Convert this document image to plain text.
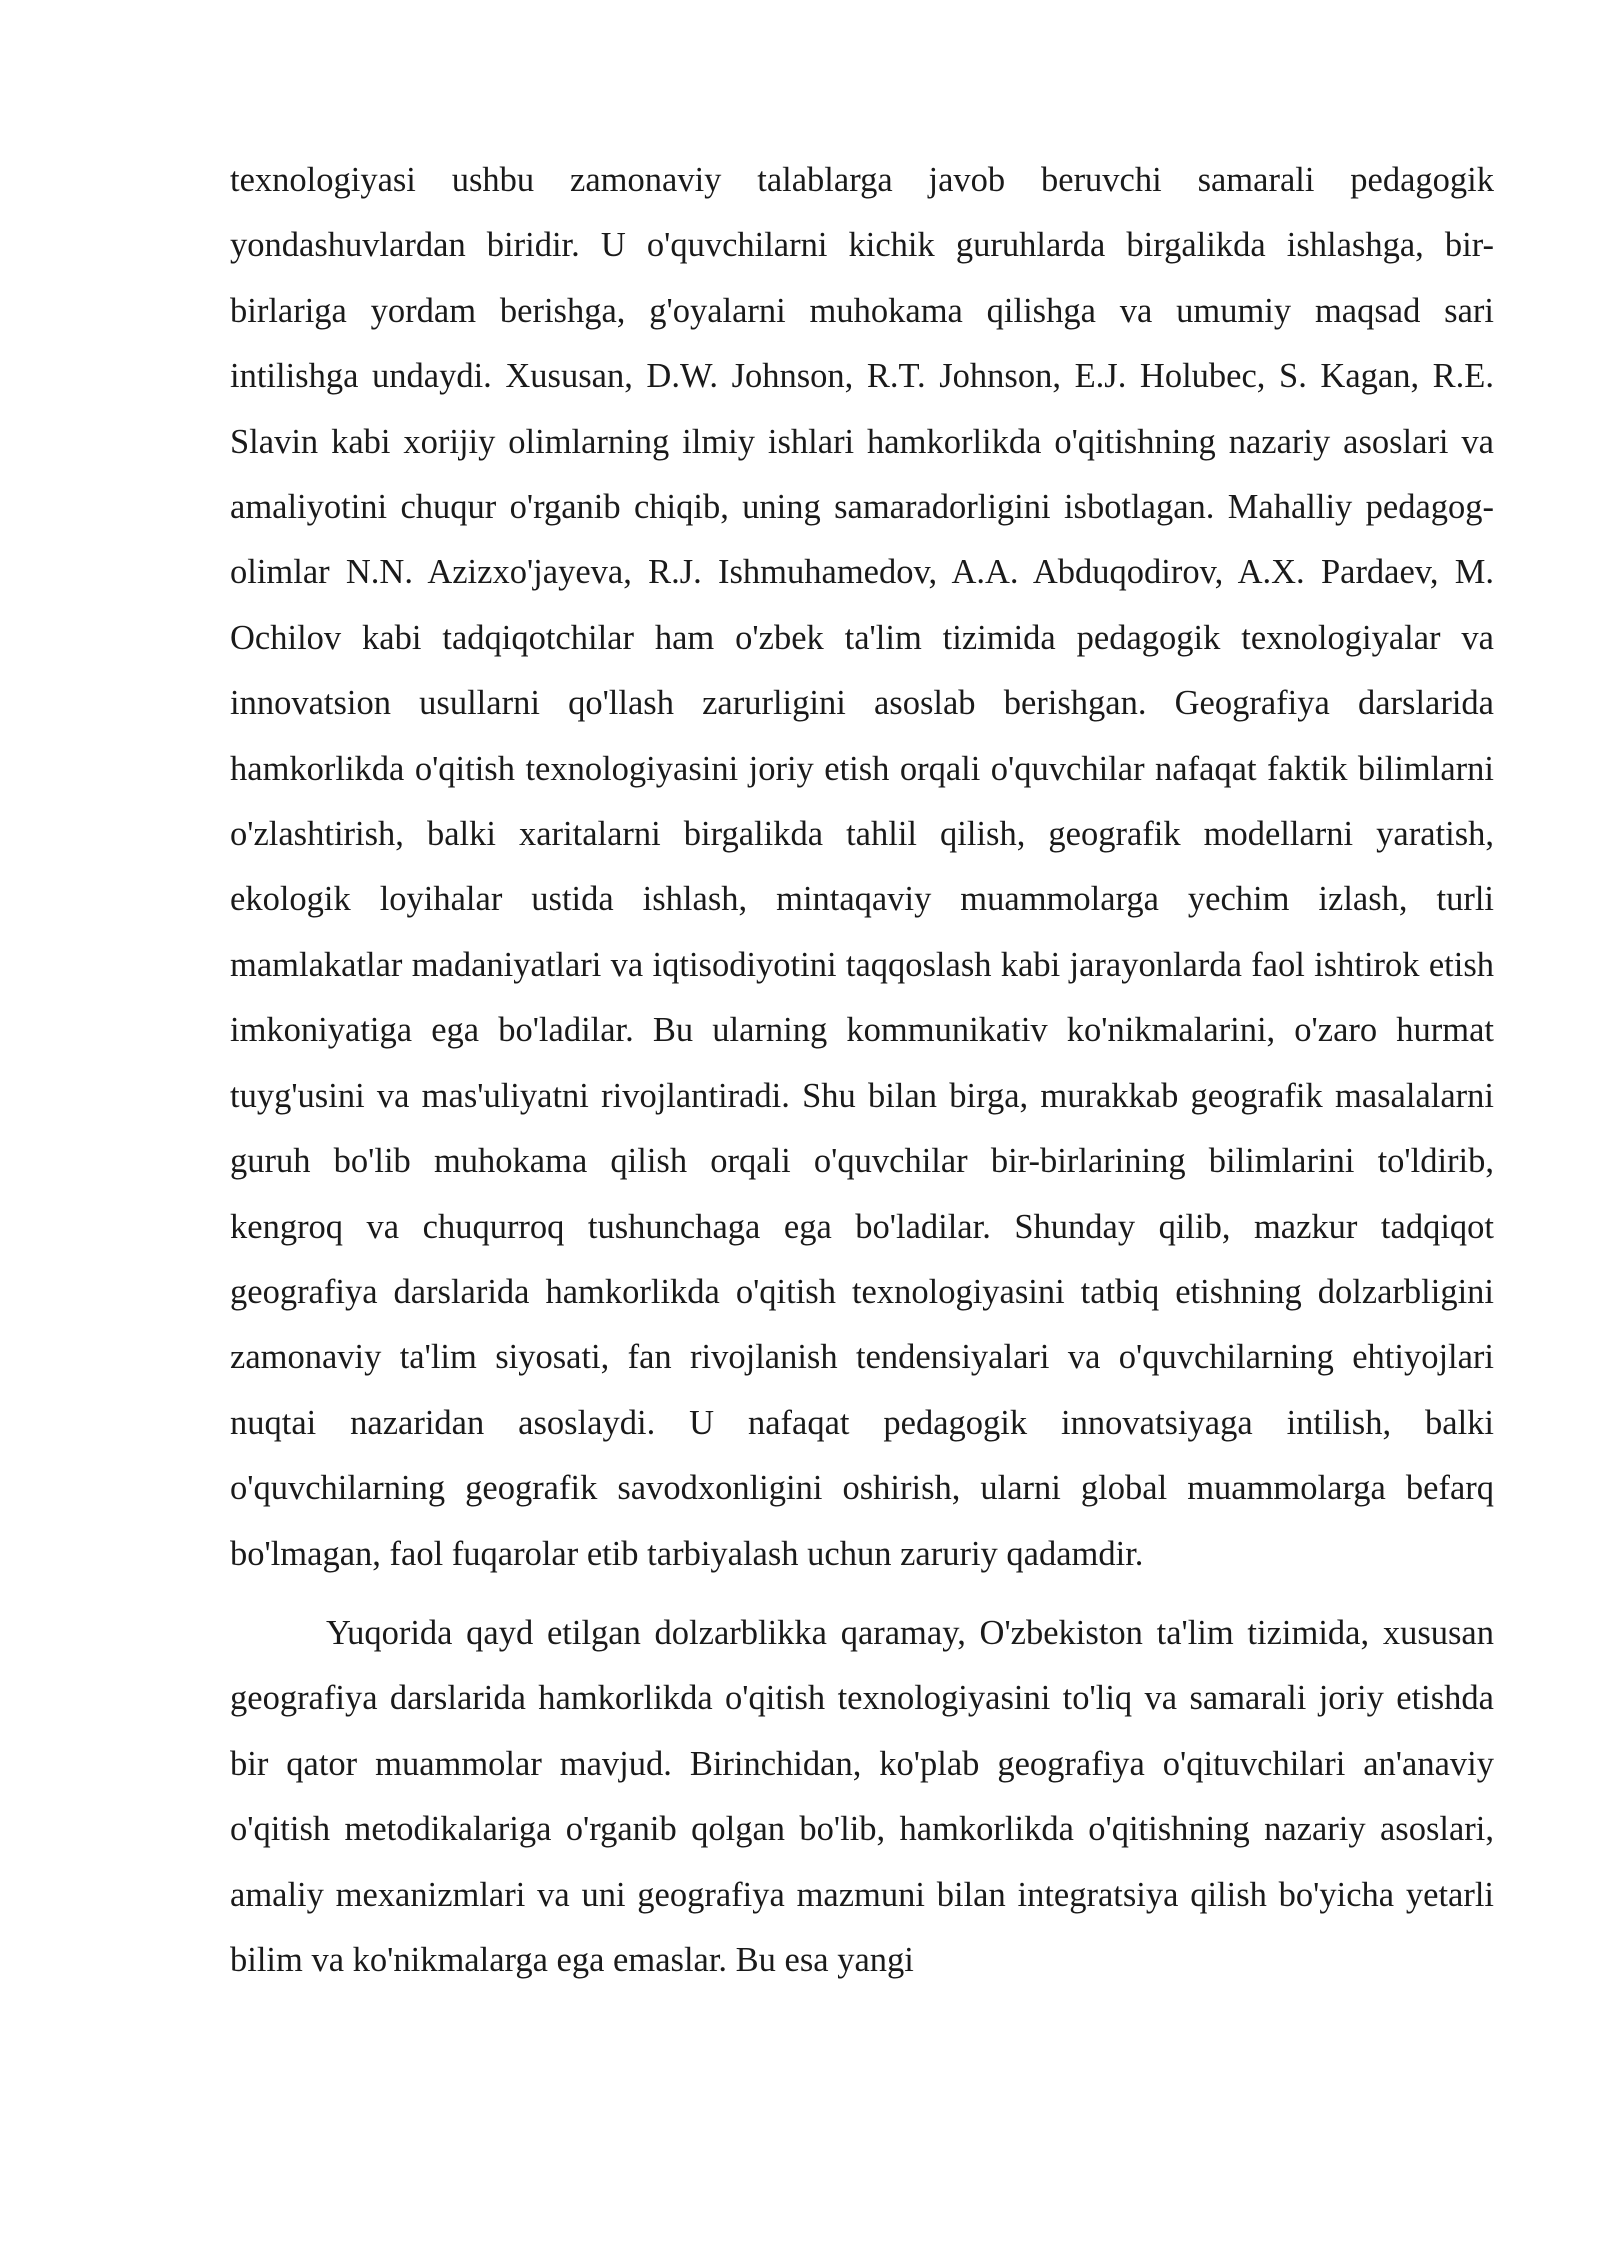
texnologiyasi ushbu zamonaviy talablarga javob beruvchi samarali pedagogik yondashuvlardan biridir. U o'quvchilarni kichik guruhlarda birgalikda ishlashga, bir-birlariga yordam berishga, g'oyalarni muhokama qilishga va umumiy maqsad sari intilishga undaydi. Xususan, D.W. Johnson, R.T. Johnson, E.J. Holubec, S. Kagan, R.E. Slavin kabi xorijiy olimlarning ilmiy ishlari hamkorlikda o'qitishning nazariy asoslari va amaliyotini chuqur o'rganib chiqib, uning samaradorligini isbotlagan. Mahalliy pedagog-olimlar N.N. Azizxo'jayeva, R.J. Ishmuhamedov, A.A. Abduqodirov, A.X. Pardaev, M. Ochilov kabi tadqiqotchilar ham o'zbek ta'lim tizimida pedagogik texnologiyalar va innovatsion usullarni qo'llash zarurligini asoslab berishgan. Geografiya darslarida hamkorlikda o'qitish texnologiyasini joriy etish orqali o'quvchilar nafaqat faktik bilimlarni o'zlashtirish, balki xaritalarni birgalikda tahlil qilish, geografik modellarni yaratish, ekologik loyihalar ustida ishlash, mintaqaviy muammolarga yechim izlash, turli mamlakatlar madaniyatlari va iqtisodiyotini taqqoslash kabi jarayonlarda faol ishtirok etish imkoniyatiga ega bo'ladilar. Bu ularning kommunikativ ko'nikmalarini, o'zaro hurmat tuyg'usini va mas'uliyatni rivojlantiradi. Shu bilan birga, murakkab geografik masalalarni guruh bo'lib muhokama qilish orqali o'quvchilar bir-birlarining bilimlarini to'ldirib, kengroq va chuqurroq tushunchaga ega bo'ladilar. Shunday qilib, mazkur tadqiqot geografiya darslarida hamkorlikda o'qitish texnologiyasini tatbiq etishning dolzarbligini zamonaviy ta'lim siyosati, fan rivojlanish tendensiyalari va o'quvchilarning ehtiyojlari nuqtai nazaridan asoslaydi. U nafaqat pedagogik innovatsiyaga intilish, balki o'quvchilarning geografik savodxonligini oshirish, ularni global muammolarga befarq bo'lmagan, faol fuqarolar etib tarbiyalash uchun zaruriy qadamdir.

Yuqorida qayd etilgan dolzarblikka qaramay, O'zbekiston ta'lim tizimida, xususan geografiya darslarida hamkorlikda o'qitish texnologiyasini to'liq va samarali joriy etishda bir qator muammolar mavjud. Birinchidan, ko'plab geografiya o'qituvchilari an'anaviy o'qitish metodikalariga o'rganib qolgan bo'lib, hamkorlikda o'qitishning nazariy asoslari, amaliy mexanizmlari va uni geografiya mazmuni bilan integratsiya qilish bo'yicha yetarli bilim va ko'nikmalarga ega emaslar. Bu esa yangi
